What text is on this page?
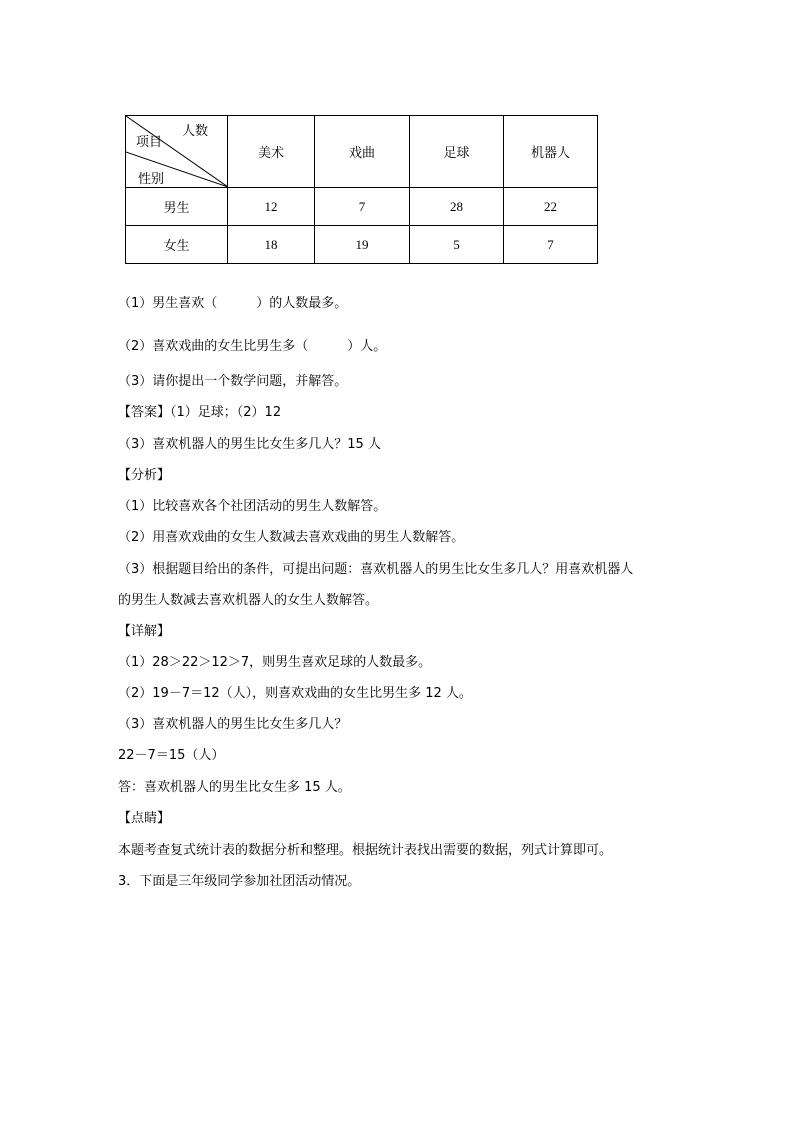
人数
项目
性别	美术	戏曲	足球	机器人
男生	12	7	28	22
女生	18	19	5	7
（1）男生喜欢（　　　）的人数最多。
（2）喜欢戏曲的女生比男生多（　　　）人。
（3）请你提出一个数学问题，并解答。
【答案】（1）足球；（2）12
（3）喜欢机器人的男生比女生多几人？15 人
【分析】
（1）比较喜欢各个社团活动的男生人数解答。
（2）用喜欢戏曲的女生人数减去喜欢戏曲的男生人数解答。
（3）根据题目给出的条件，可提出问题：喜欢机器人的男生比女生多几人？用喜欢机器人
的男生人数减去喜欢机器人的女生人数解答。
【详解】
（1）28＞22＞12＞7，则男生喜欢足球的人数最多。
（2）19－7＝12（人），则喜欢戏曲的女生比男生多 12 人。
（3）喜欢机器人的男生比女生多几人？
22－7＝15（人）
答：喜欢机器人的男生比女生多 15 人。
【点睛】
本题考查复式统计表的数据分析和整理。根据统计表找出需要的数据，列式计算即可。
3．下面是三年级同学参加社团活动情况。
